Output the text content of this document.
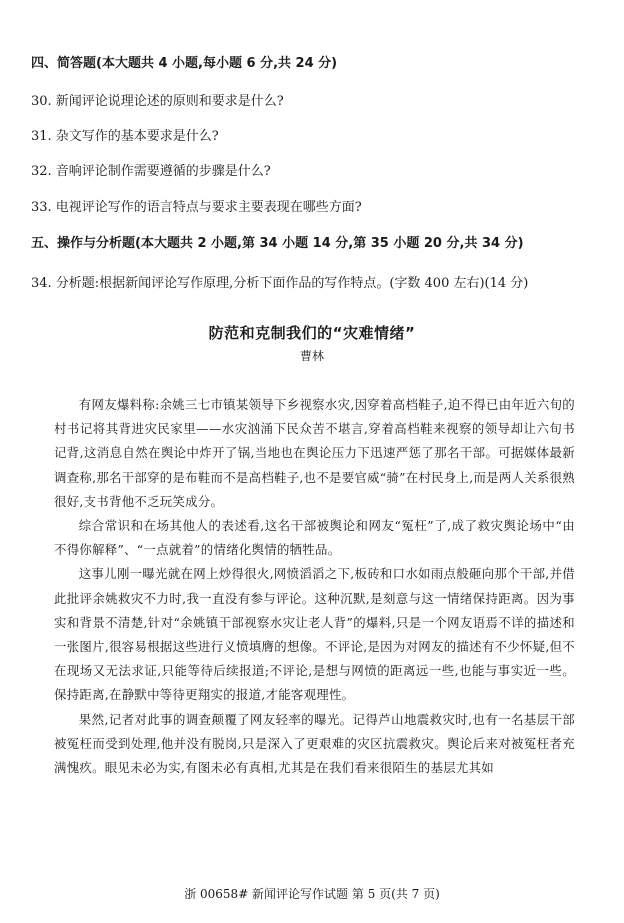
四、简答题(本大题共 4 小题,每小题 6 分,共 24 分)
30. 新闻评论说理论述的原则和要求是什么?
31. 杂文写作的基本要求是什么?
32. 音响评论制作需要遵循的步骤是什么?
33. 电视评论写作的语言特点与要求主要表现在哪些方面?
五、操作与分析题(本大题共 2 小题,第 34 小题 14 分,第 35 小题 20 分,共 34 分)
34. 分析题:根据新闻评论写作原理,分析下面作品的写作特点。(字数 400 左右)(14 分)
防范和克制我们的“灾难情绪”
曹林

有网友爆料称:余姚三七市镇某领导下乡视察水灾,因穿着高档鞋子,迫不得已由年近六旬的村书记将其背进灾民家里——水灾汹涌下民众苦不堪言,穿着高档鞋来视察的领导却让六旬书记背,这消息自然在舆论中炸开了锅,当地也在舆论压力下迅速严惩了那名干部。可据媒体最新调查称,那名干部穿的是布鞋而不是高档鞋子,也不是要官威“骑”在村民身上,而是两人关系很熟很好,支书背他不乏玩笑成分。

综合常识和在场其他人的表述看,这名干部被舆论和网友“冤枉”了,成了救灾舆论场中“由不得你解释”、“一点就着”的情绪化舆情的牺牲品。

这事儿刚一曝光就在网上炒得很火,网愤滔滔之下,板砖和口水如雨点般砸向那个干部,并借此批评余姚救灾不力时,我一直没有参与评论。这种沉默,是刻意与这一情绪保持距离。因为事实和背景不清楚,针对“余姚镇干部视察水灾让老人背”的爆料,只是一个网友语焉不详的描述和一张图片,很容易根据这些进行义愤填膺的想像。不评论,是因为对网友的描述有不少怀疑,但不在现场又无法求证,只能等待后续报道;不评论,是想与网愤的距离远一些,也能与事实近一些。保持距离,在静默中等待更翔实的报道,才能客观理性。

果然,记者对此事的调查颠覆了网友轻率的曝光。记得芦山地震救灾时,也有一名基层干部被冤枉而受到处理,他并没有脱岗,只是深入了更艰难的灾区抗震救灾。舆论后来对被冤枉者充满愧疚。眼见未必为实,有图未必有真相,尤其是在我们看来很陌生的基层尤其如

浙 00658# 新闻评论写作试题 第 5 页(共 7 页)
